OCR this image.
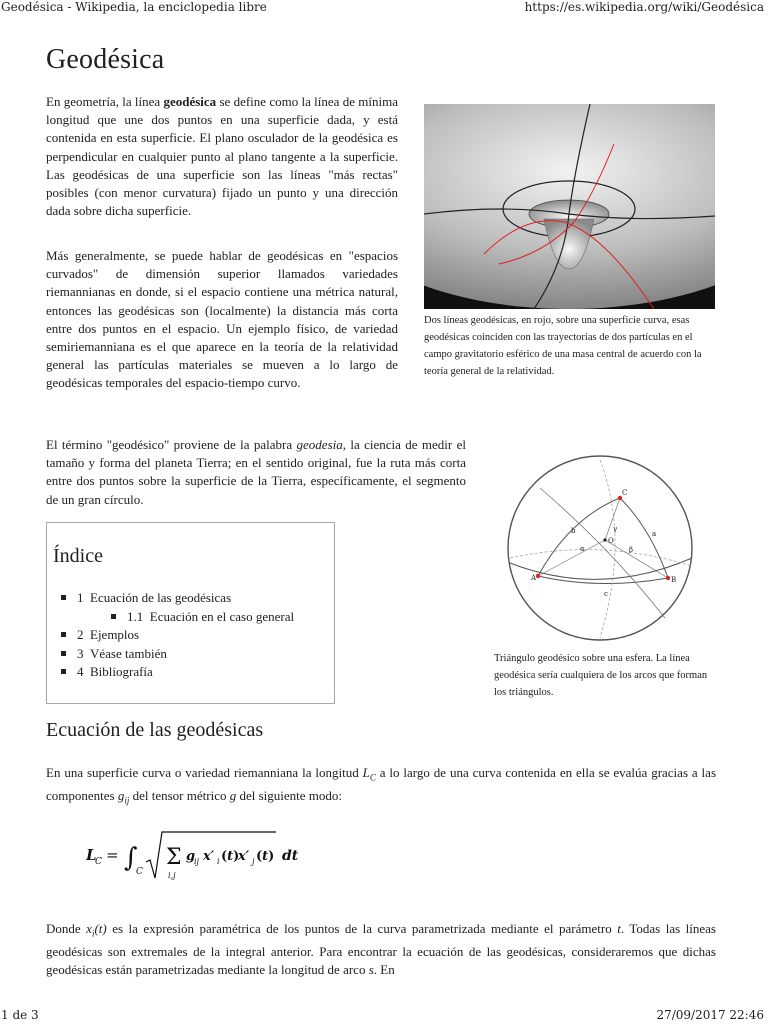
Geodésica - Wikipedia, la enciclopedia libre	https://es.wikipedia.org/wiki/Geodésica
1 de 3	27/09/2017 22:46
Geodésica

En geometría, la línea geodésica se define como la línea de mínima longitud que une dos puntos en una superficie dada, y está contenida en esta superficie. El plano osculador de la geodésica es perpendicular en cualquier punto al plano tangente a la superficie. Las geodésicas de una superficie son las líneas "más rectas" posibles (con menor curvatura) fijado un punto y una dirección dada sobre dicha superficie.

Más generalmente, se puede hablar de geodésicas en "espacios curvados" de dimensión superior llamados variedades riemannianas en donde, si el espacio contiene una métrica natural, entonces las geodésicas son (localmente) la distancia más corta entre dos puntos en el espacio. Un ejemplo físico, de variedad semiriemanniana es el que aparece en la teoría de la relatividad general las partículas materiales se mueven a lo largo de geodésicas temporales del espacio-tiempo curvo.

Dos líneas geodésicas, en rojo, sobre una superficie curva, esas geodésicas coinciden con las trayectorias de dos partículas en el campo gravitatorio esférico de una masa central de acuerdo con la teoría general de la relatividad.

El término "geodésico" proviene de la palabra geodesia, la ciencia de medir el tamaño y forma del planeta Tierra; en el sentido original, fue la ruta más corta entre dos puntos sobre la superficie de la Tierra, específicamente, el segmento de un gran círculo.

A	B
C
a
b
c
α	β
γ
O
Triángulo geodésico sobre una esfera. La línea geodésica sería cualquiera de los arcos que forman los triángulos.
Índice
1 Ecuación de las geodésicas
1.1 Ecuación en el caso general
2 Ejemplos
3 Véase también
4 Bibliografía
Ecuación de las geodésicas

En una superficie curva o variedad riemanniana la longitud $L_C$ a lo largo de una curva contenida en ella se evalúa gracias a las componentes $g_{ij}$ del tensor métrico g del siguiente modo:

L
C = ∫
C
Σ
i,j
g
ij x′ i (t)
x′ j (t) dt

Donde $x_i(t)$ es la expresión paramétrica de los puntos de la curva parametrizada mediante el parámetro t. Todas las líneas geodésicas son extremales de la integral anterior. Para encontrar la ecuación de las geodésicas, consideraremos que dichas geodésicas están parametrizadas mediante la longitud de arco s. En
